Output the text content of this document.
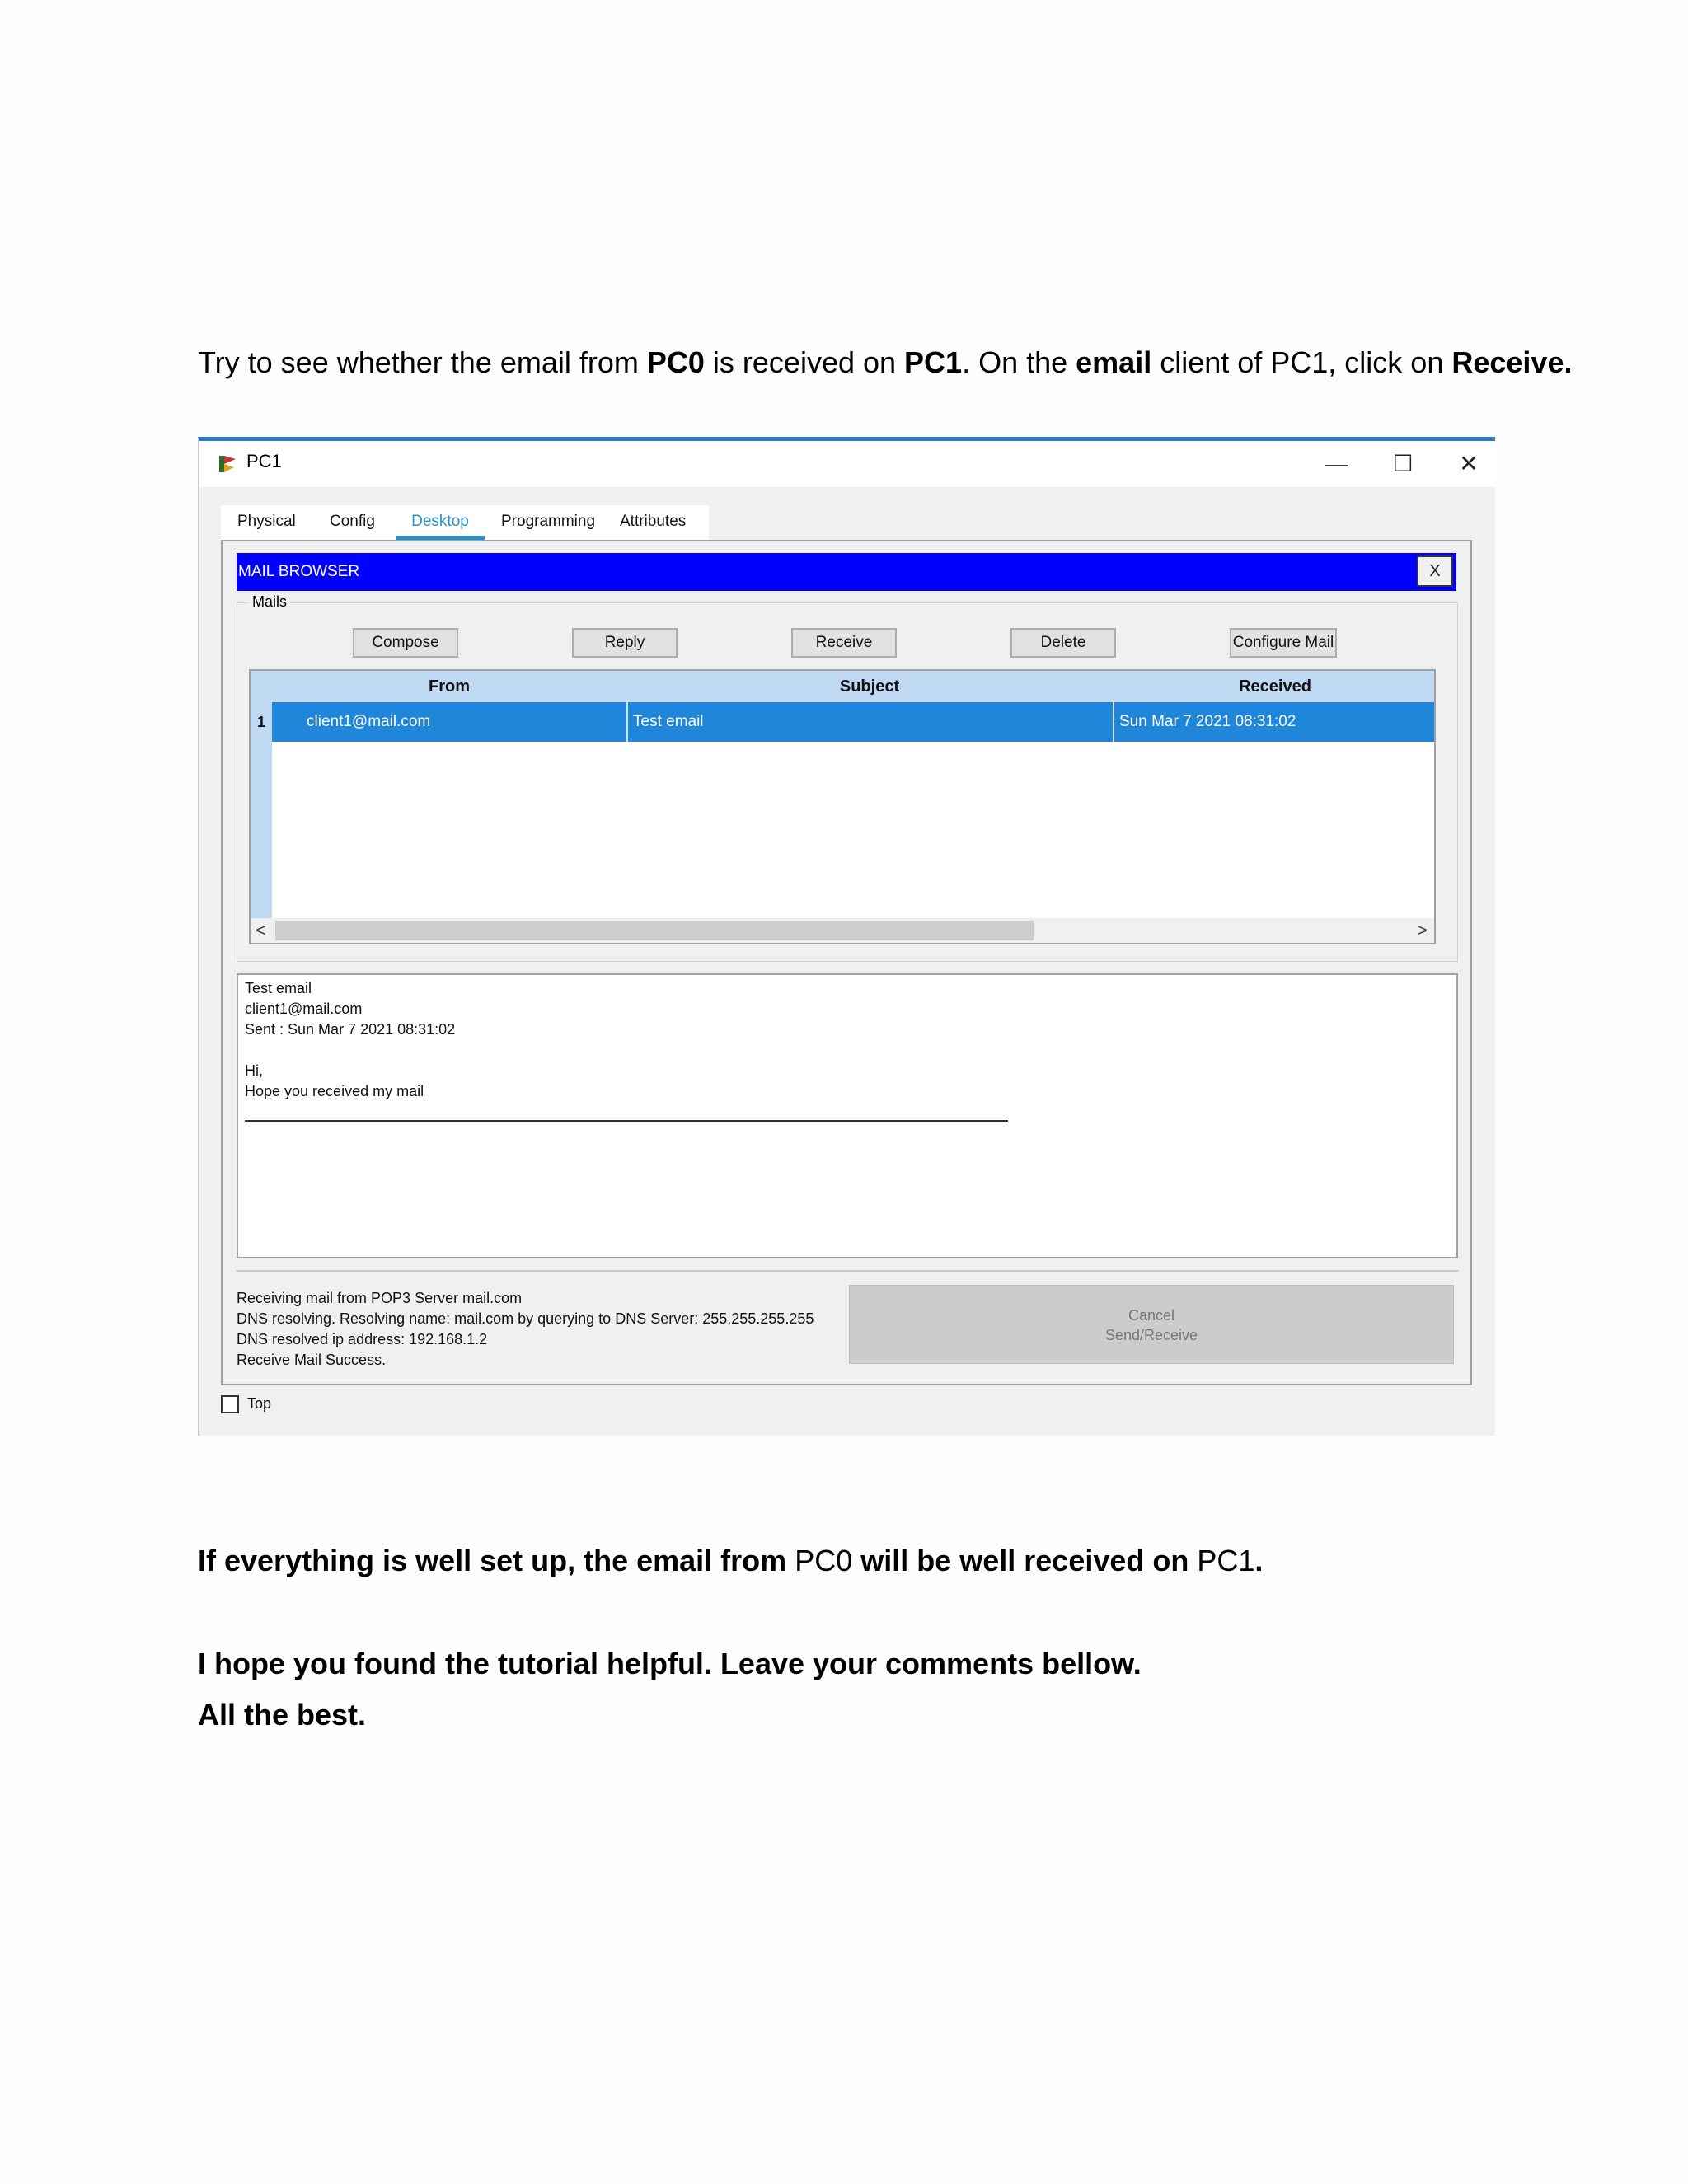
Try to see whether the email from PC0 is received on PC1. On the email client of PC1, click on Receive.

PC1	—	☐	✕
Physical Config	Desktop	Programming Attributes
MAIL BROWSER	X
Mails
Compose	Reply	Receive	Delete	Configure Mail
From	Subject	Received
1	client1@mail.com	Test email	Sun Mar 7 2021 08:31:02
<	>
Test email
client1@mail.com
Sent : Sun Mar 7 2021 08:31:02
Hi,
Hope you received my mail
Receiving mail from POP3 Server mail.com
DNS resolving. Resolving name: mail.com by querying to DNS Server: 255.255.255.255
DNS resolved ip address: 192.168.1.2
Receive Mail Success.
Cancel
Send/Receive
Top

If everything is well set up, the email from PC0 will be well received on PC1.

I hope you found the tutorial helpful. Leave your comments bellow.

All the best.
